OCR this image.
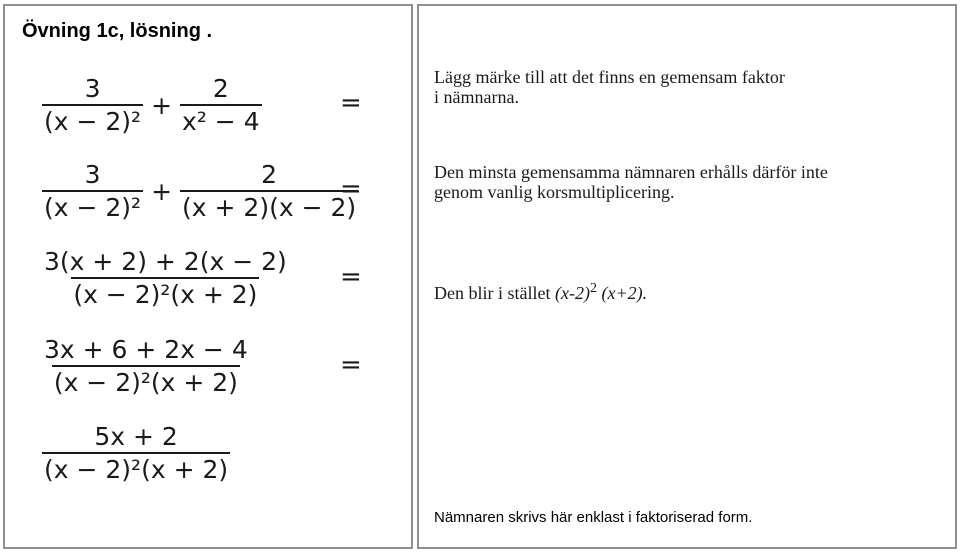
Övning 1c, lösning .
$\frac{3}{\text{(x − 2)²}} + \frac{2}{\text{x² − 4}}$	=
$\frac{3}{\text{(x − 2)²}} + \frac{2}{(x + 2)(x - 2)}$
=
$\frac{3(x + 2) + 2(x - 2)}{\text{(x − 2)²(x + 2)}}$ =
$\frac{3x + 6 + 2x - 4}{\text{(x − 2)²(x + 2)}}$	=
$\frac{5x + 2}{\text{(x − 2)²(x + 2)}}$
Lägg märke till att det finns en gemensam faktor
i nämnarna.
Den minsta gemensamma nämnaren erhålls därför inte
genom vanlig korsmultiplicering.
Den blir i stället $(x-2)^2$ (x+2).
Nämnaren skrivs här enklast i faktoriserad form.
